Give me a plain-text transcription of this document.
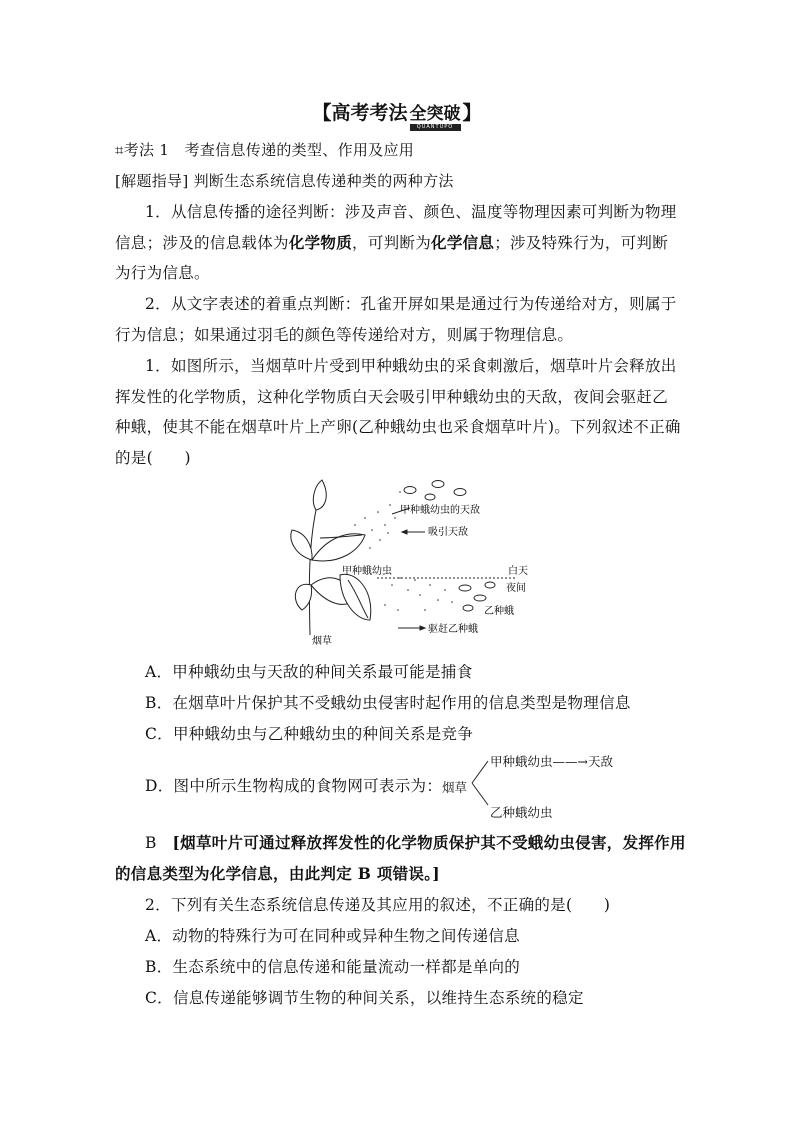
【高考考法 全突破
QUANTUPO
】
⌗考法 1　 考查信息传递的类型、作用及应用
[解题指导] 判断生态系统信息传递种类的两种方法
1．从信息传播的途径判断：涉及声音、颜色、温度等物理因素可判断为物理
信息；涉及的信息载体为化学物质，可判断为化学信息；涉及特殊行为，可判断
为行为信息。
2．从文字表述的着重点判断：孔雀开屏如果是通过行为传递给对方，则属于
行为信息；如果通过羽毛的颜色等传递给对方，则属于物理信息。
1．如图所示，当烟草叶片受到甲种蛾幼虫的采食刺激后，烟草叶片会释放出
挥发性的化学物质，这种化学物质白天会吸引甲种蛾幼虫的天敌，夜间会驱赶乙
种蛾，使其不能在烟草叶片上产卵(乙种蛾幼虫也采食烟草叶片)。下列叙述不正确
的是(　　)
甲种蛾幼虫的天敌
吸引天敌
甲种蛾幼虫	白天
夜间
乙种蛾
驱赶乙种蛾
烟草
A．甲种蛾幼虫与天敌的种间关系最可能是捕食
B．在烟草叶片保护其不受蛾幼虫侵害时起作用的信息类型是物理信息
C．甲种蛾幼虫与乙种蛾幼虫的种间关系是竞争
D．图中所示生物构成的食物网可表示为： 烟草
甲种蛾幼虫——→天敌
乙种蛾幼虫
B　 [烟草叶片可通过释放挥发性的化学物质保护其不受蛾幼虫侵害，发挥作用
的信息类型为化学信息，由此判定 B 项错误。]
2．下列有关生态系统信息传递及其应用的叙述，不正确的是(　　)
A．动物的特殊行为可在同种或异种生物之间传递信息
B．生态系统中的信息传递和能量流动一样都是单向的
C．信息传递能够调节生物的种间关系，以维持生态系统的稳定
